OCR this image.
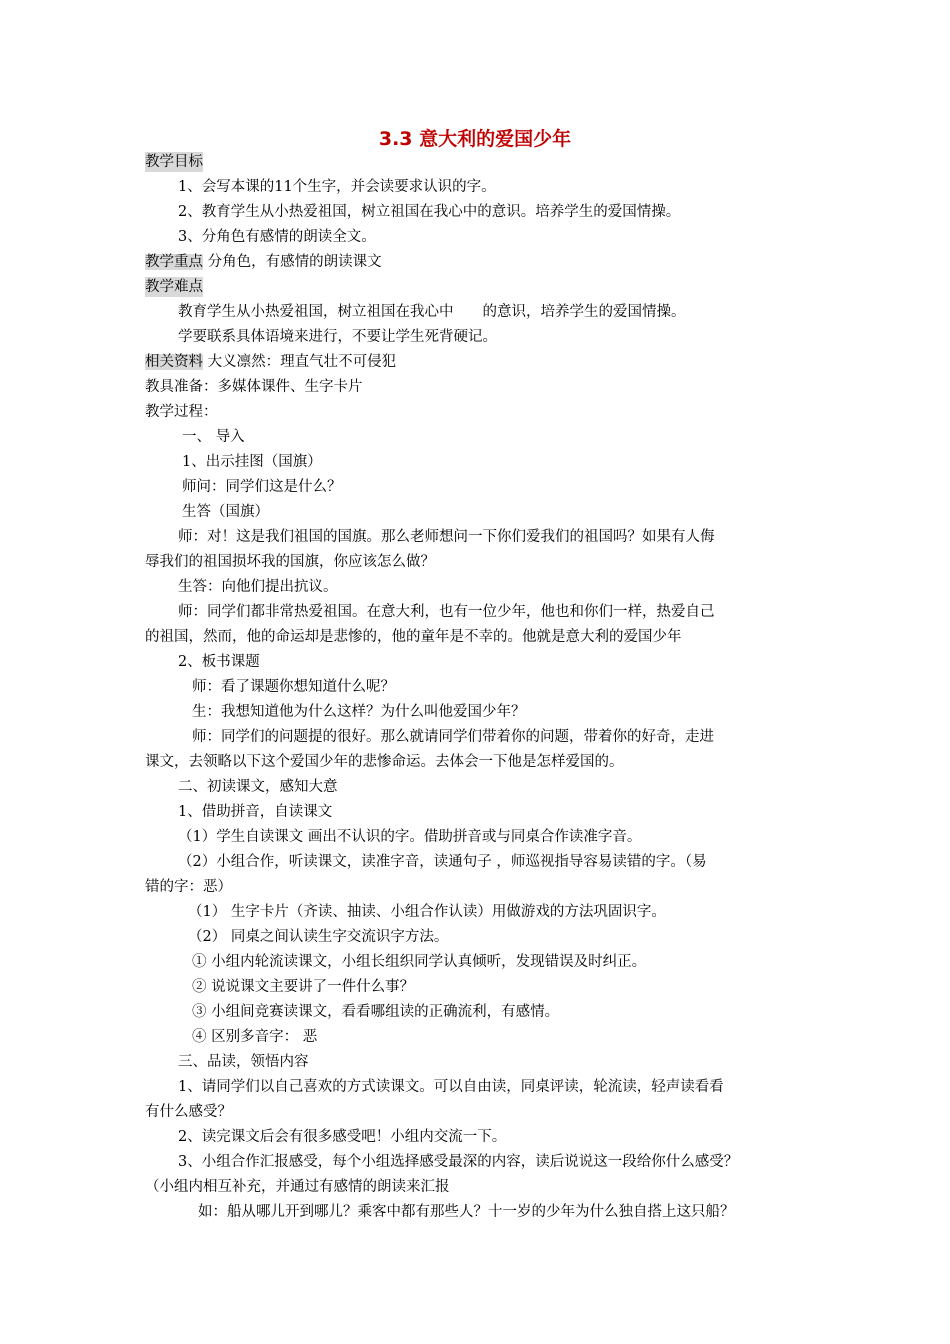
3.3 意大利的爱国少年
教学目标
1、会写本课的11个生字，并会读要求认识的字。
2、教育学生从小热爱祖国，树立祖国在我心中的意识。培养学生的爱国情操。
3、分角色有感情的朗读全文。
教学重点 分角色，有感情的朗读课文
教学难点
教育学生从小热爱祖国，树立祖国在我心中　　的意识，培养学生的爱国情操。
学要联系具体语境来进行，不要让学生死背硬记。
相关资料 大义凛然：理直气壮不可侵犯
教具准备：多媒体课件、生字卡片
教学过程：
一、 导入
1、出示挂图（国旗）
师问：同学们这是什么？
生答（国旗）
师：对！这是我们祖国的国旗。那么老师想问一下你们爱我们的祖国吗？如果有人侮
辱我们的祖国损坏我的国旗，你应该怎么做？
生答：向他们提出抗议。
师：同学们都非常热爱祖国。在意大利，也有一位少年，他也和你们一样，热爱自己
的祖国，然而，他的命运却是悲惨的，他的童年是不幸的。他就是意大利的爱国少年
2、板书课题
师：看了课题你想知道什么呢？
生：我想知道他为什么这样？为什么叫他爱国少年？
师：同学们的问题提的很好。那么就请同学们带着你的问题，带着你的好奇，走进
课文，去领略以下这个爱国少年的悲惨命运。去体会一下他是怎样爱国的。
二、初读课文，感知大意
1、借助拼音，自读课文
（1）学生自读课文 画出不认识的字。借助拼音或与同桌合作读准字音。
（2）小组合作，听读课文，读准字音，读通句子 ，师巡视指导容易读错的字。（易
错的字：恶）
（1） 生字卡片（齐读、抽读、小组合作认读）用做游戏的方法巩固识字。
（2） 同桌之间认读生字交流识字方法。
① 小组内轮流读课文，小组长组织同学认真倾听，发现错误及时纠正。
② 说说课文主要讲了一件什么事？
③ 小组间竞赛读课文，看看哪组读的正确流利，有感情。
④ 区别多音字： 恶
三、品读，领悟内容
1、请同学们以自己喜欢的方式读课文。可以自由读，同桌评读，轮流读，轻声读看看
有什么感受？
2、读完课文后会有很多感受吧！小组内交流一下。
3、小组合作汇报感受，每个小组选择感受最深的内容，读后说说这一段给你什么感受？
（小组内相互补充，并通过有感情的朗读来汇报
如：船从哪儿开到哪儿？乘客中都有那些人？十一岁的少年为什么独自搭上这只船？
